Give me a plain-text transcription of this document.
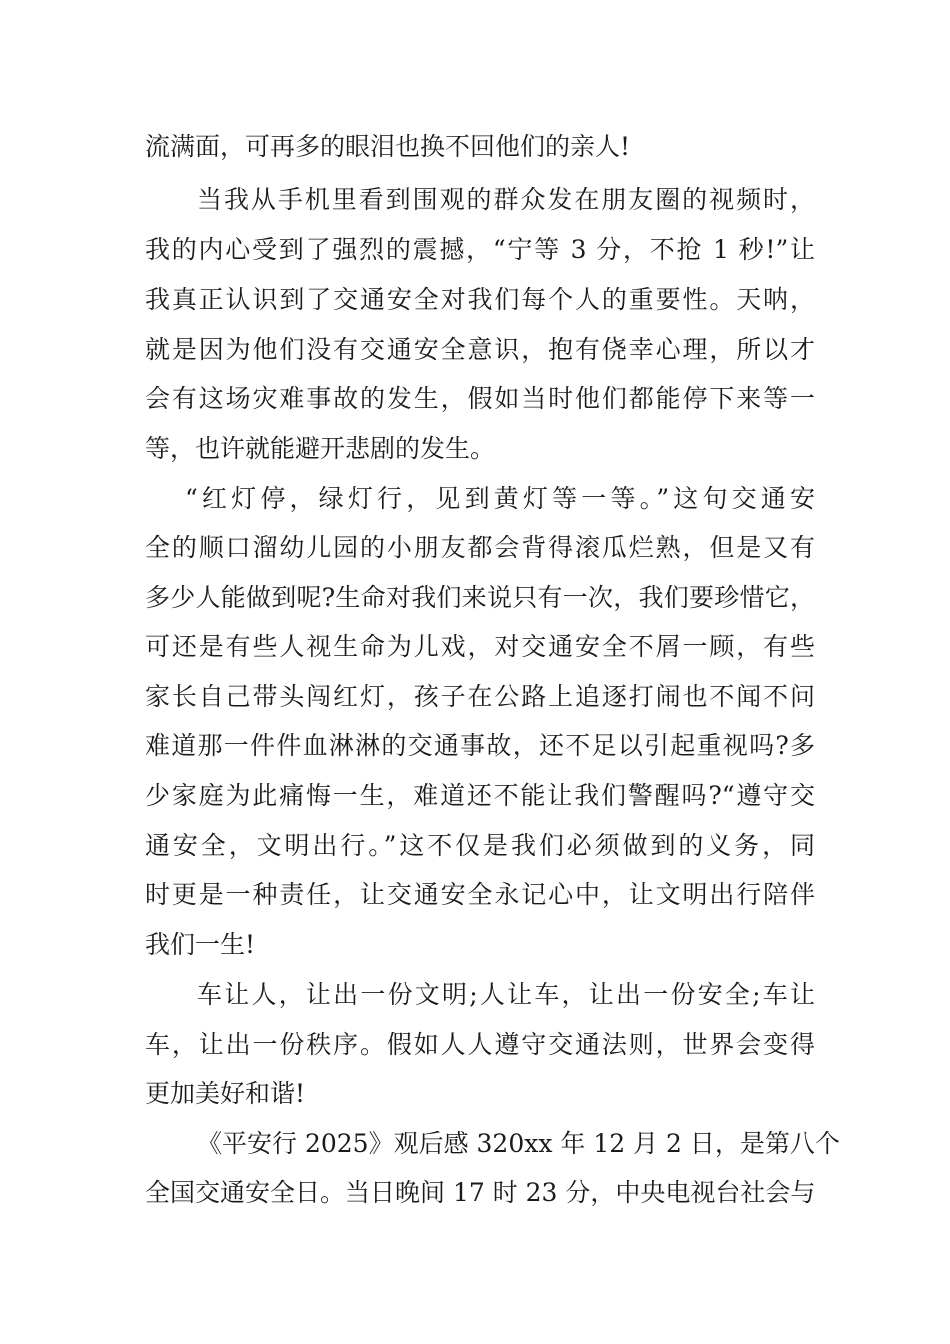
流满面，可再多的眼泪也换不回他们的亲人!
当我从手机里看到围观的群众发在朋友圈的视频时，
我的内心受到了强烈的震撼，“宁等 3 分，不抢 1 秒!”让
我真正认识到了交通安全对我们每个人的重要性。天呐，
就是因为他们没有交通安全意识，抱有侥幸心理，所以才
会有这场灾难事故的发生，假如当时他们都能停下来等一
等，也许就能避开悲剧的发生。
“红灯停，绿灯行，见到黄灯等一等。”这句交通安
全的顺口溜幼儿园的小朋友都会背得滚瓜烂熟，但是又有
多少人能做到呢?生命对我们来说只有一次，我们要珍惜它，
可还是有些人视生命为儿戏，对交通安全不屑一顾，有些
家长自己带头闯红灯，孩子在公路上追逐打闹也不闻不问
难道那一件件血淋淋的交通事故，还不足以引起重视吗?多
少家庭为此痛悔一生，难道还不能让我们警醒吗?“遵守交
通安全，文明出行。”这不仅是我们必须做到的义务，同
时更是一种责任，让交通安全永记心中，让文明出行陪伴
我们一生!
车让人，让出一份文明;人让车，让出一份安全;车让
车，让出一份秩序。假如人人遵守交通法则，世界会变得
更加美好和谐!
《平安行 2025》观后感 320xx 年 12 月 2 日，是第八个
全国交通安全日。当日晚间 17 时 23 分，中央电视台社会与
